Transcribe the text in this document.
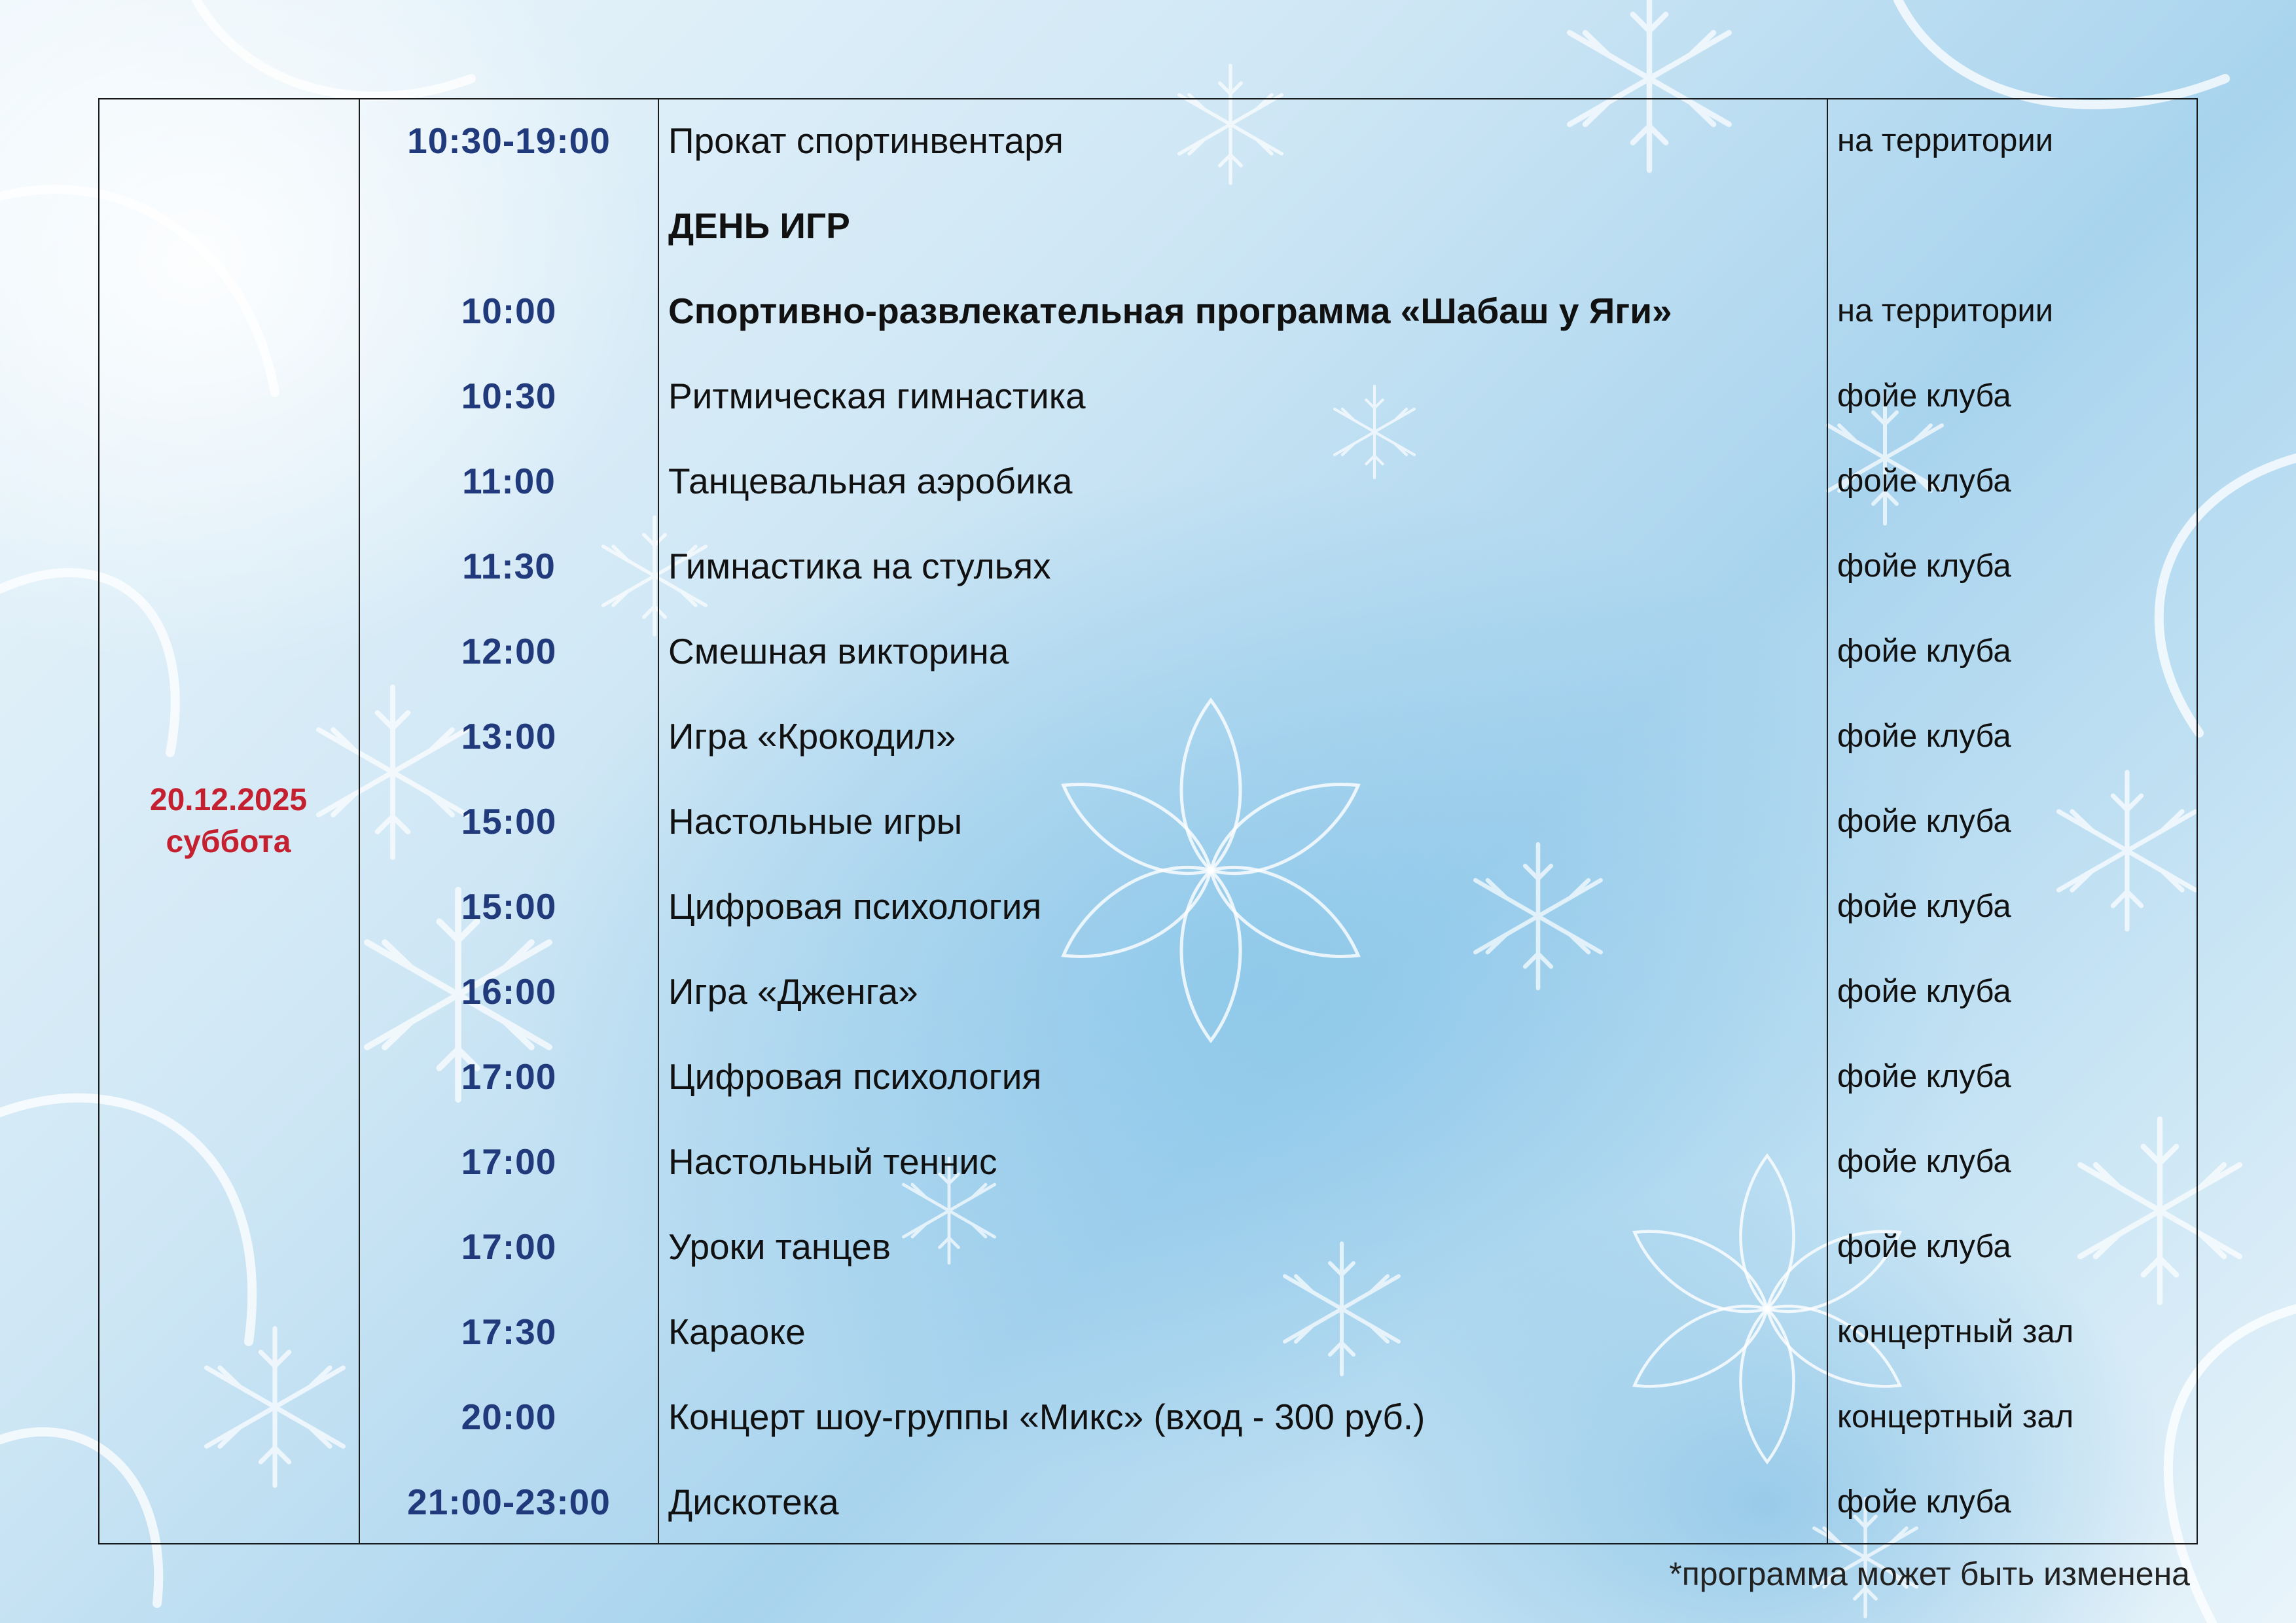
20.12.2025
суббота	10:30-19:00	Прокат спортинвентаря	на территории
		ДЕНЬ ИГР	
	10:00	Спортивно-развлекательная программа «Шабаш у Яги»	на территории
	10:30	Ритмическая гимнастика	фойе клуба
	11:00	Танцевальная аэробика	фойе клуба
	11:30	Гимнастика на стульях	фойе клуба
	12:00	Смешная викторина	фойе клуба
	13:00	Игра «Крокодил»	фойе клуба
	15:00	Настольные игры	фойе клуба
	15:00	Цифровая психология	фойе клуба
	16:00	Игра «Дженга»	фойе клуба
	17:00	Цифровая психология	фойе клуба
	17:00	Настольный теннис	фойе клуба
	17:00	Уроки танцев	фойе клуба
	17:30	Караоке	концертный зал
	20:00	Концерт шоу-группы «Микс» (вход - 300 руб.)	концертный зал
	21:00-23:00	Дискотека	фойе клуба
*программа может быть изменена
